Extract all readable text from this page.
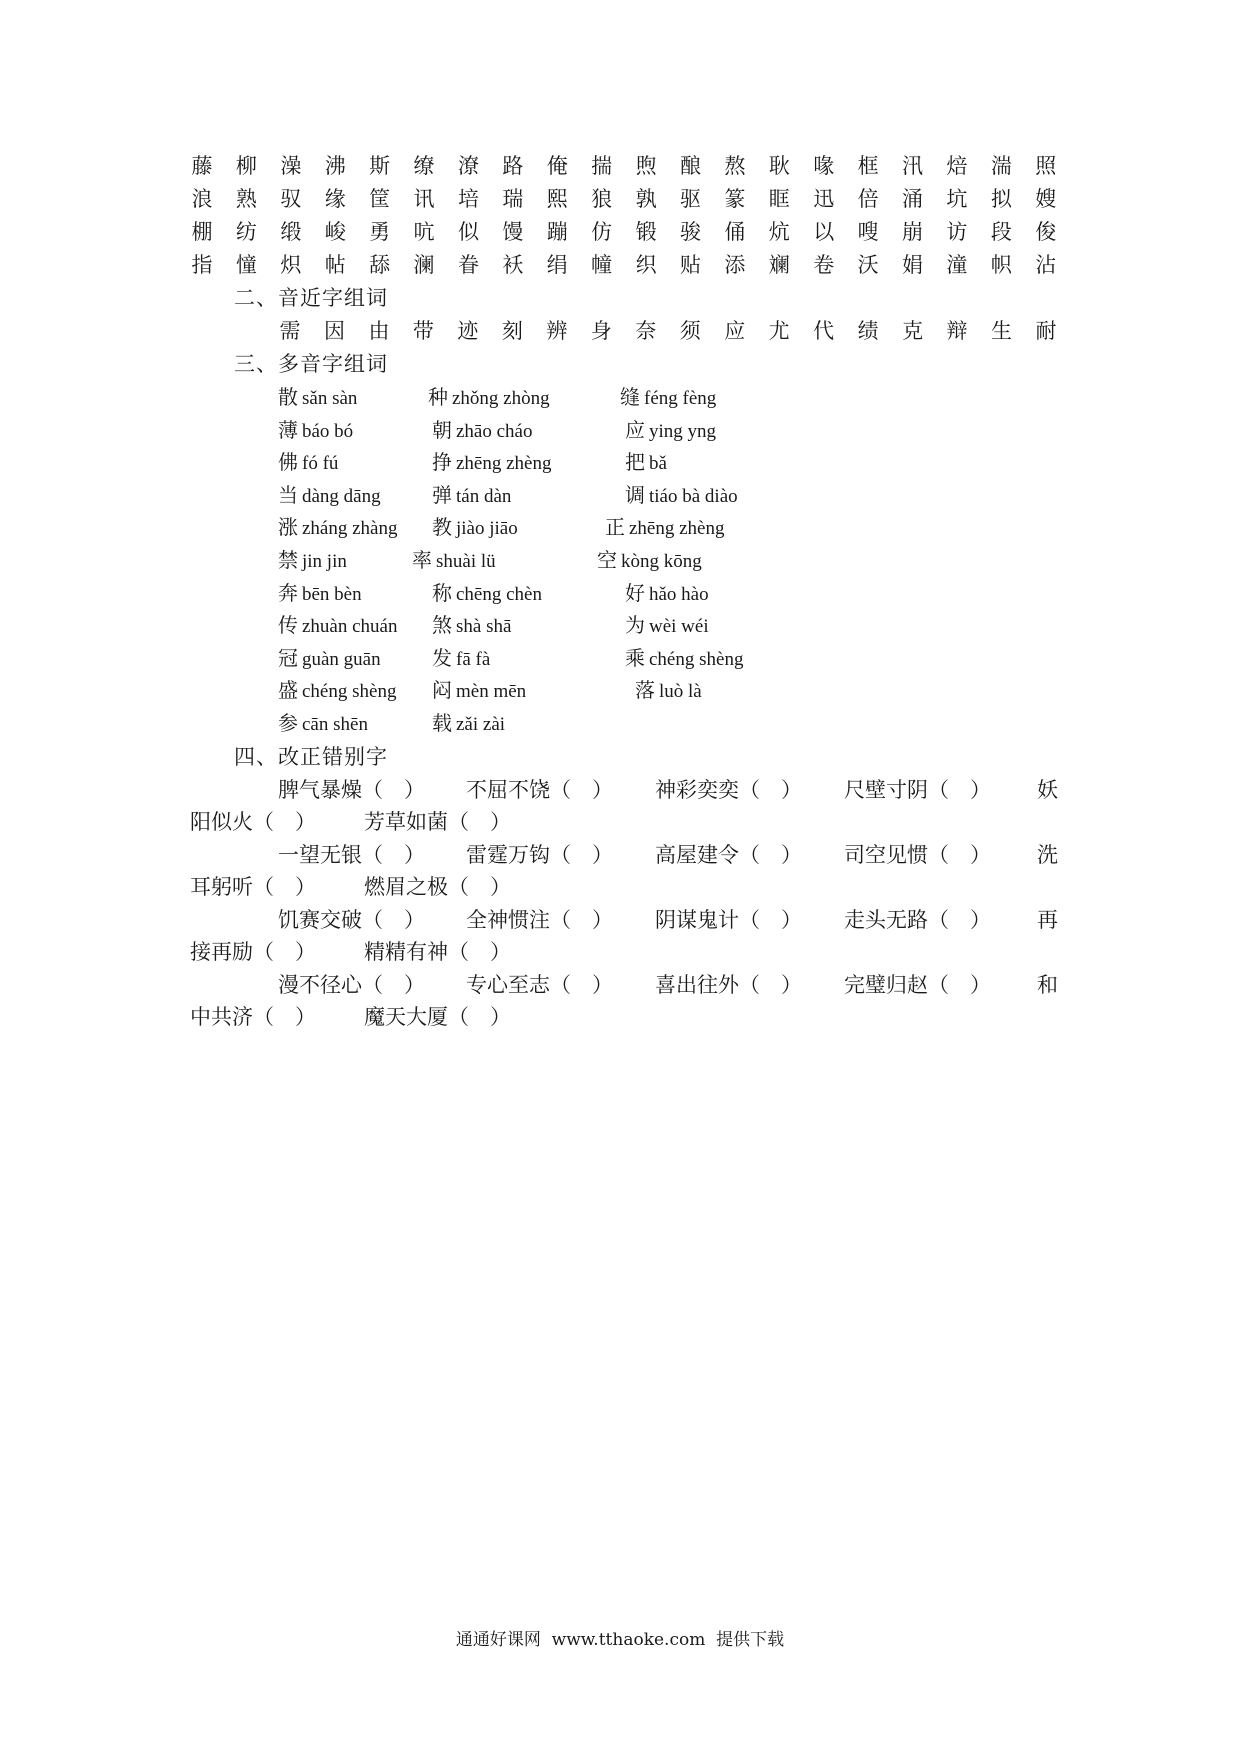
藤 柳 澡 沸 斯 缭 潦 路 俺 揣 煦 酿 熬 耿 喙 框 汛 焙 湍 照
浪 熟 驭 缘 筐 讯 培 瑞 熙 狼 孰 驱 篆 眶 迅 倍 涌 坑 拟 嫂
棚 纺 缎 峻 勇 吭 似 馒 蹦 仿 锻 骏 俑 炕 以 嗖 崩 访 段 俊
指 憧 炽 帖 舔 澜 眷 袄 绢 幢 织 贴 添 斓 卷 沃 娟 潼 帜 沾
二、音近字组词
需 因 由 带 迹 刻 辨 身 奈 须 应 尤 代 绩 克 辩 生 耐
三、多音字组词
散 sǎn sàn	种 zhǒng zhòng	缝 féng fèng
薄 báo bó	朝 zhāo cháo	应 ying yng
佛 fó fú	挣 zhēng zhèng	把 bǎ
当 dàng dāng	弹 tán dàn	调 tiáo bà diào
涨 zháng zhàng 教 jiào jiāo	正 zhēng zhèng
禁 jin jin	率 shuài lü	空 kòng kōng
奔 bēn bèn	称 chēng chèn	好 hǎo hào
传 zhuàn chuán 煞 shà shā	为 wèi wéi
冠 guàn guān	发 fā fà	乘 chéng shèng
盛 chéng shèng 闷 mèn mēn	落 luò là
参 cān shēn	载 zǎi zài
四、改正错别字
脾气暴燥（　） 不屈不饶（　） 神彩奕奕（　） 尺壁寸阴（　） 妖
阳似火（　） 芳草如菌（　）
一望无银（　） 雷霆万钩（　） 高屋建令（　） 司空见惯（　） 洗
耳躬听（　） 燃眉之极（　）
饥赛交破（　） 全神惯注（　） 阴谋鬼计（　） 走头无路（　） 再
接再励（　） 精精有神（　）
漫不径心（　） 专心至志（　） 喜出往外（　） 完璧归赵（　） 和
中共济（　） 魔天大厦（　）
通通好课网  www.tthaoke.com  提供下载
